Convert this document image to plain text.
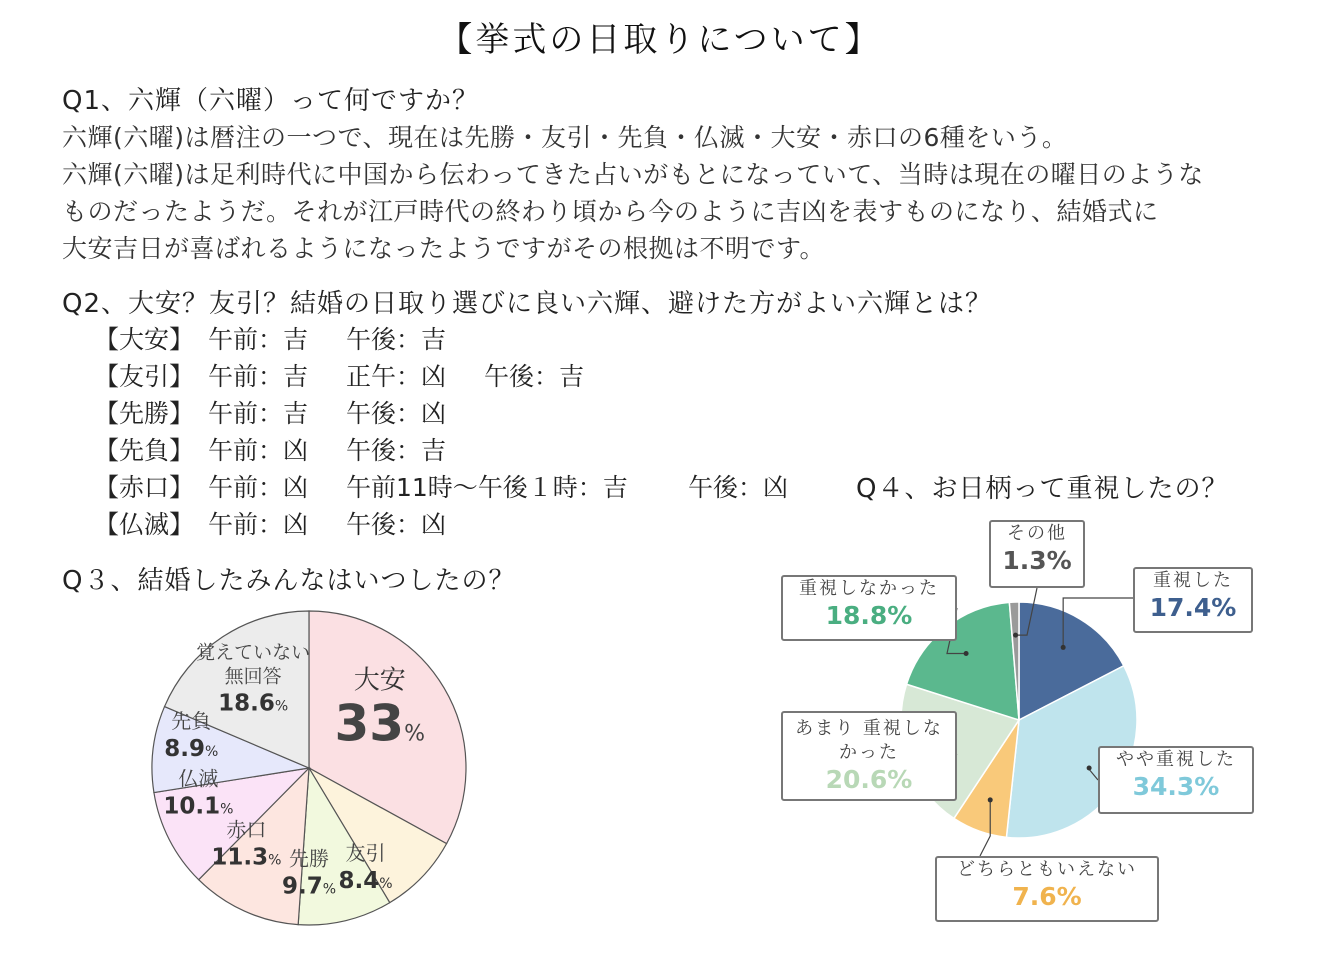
【挙式の日取りについて】
Q1、六輝（六曜）って何ですか？
六輝(六曜)は暦注の一つで、現在は先勝・友引・先負・仏滅・大安・赤口の6種をいう。
六輝(六曜)は足利時代に中国から伝わってきた占いがもとになっていて、当時は現在の曜日のような
ものだったようだ。それが江戸時代の終わり頃から今のように吉凶を表すものになり、結婚式に
大安吉日が喜ばれるようになったようですがその根拠は不明です。
Q2、大安？友引？結婚の日取り選びに良い六輝、避けた方がよい六輝とは？
【大安】 午前：吉 午後：吉
【友引】 午前：吉 正午：凶 午後：吉
【先勝】 午前：吉 午後：凶
【先負】 午前：凶 午後：吉
【赤口】 午前：凶 午前11時～午後１時：吉 午後：凶
【仏滅】 午前：凶 午後：凶
Q４、お日柄って重視したの？
Q３、結婚したみんなはいつしたの？
大安
33%
友引
8.4%
先勝
9.7%
赤口
11.3%
仏滅
10.1%
先負
8.9%
覚えていない
無回答
18.6%
その他
1.3%
重視しなかった
18.8%
重視した
17.4%
あまり 重視しなかった
20.6%
やや重視した
34.3%
どちらともいえない
7.6%
